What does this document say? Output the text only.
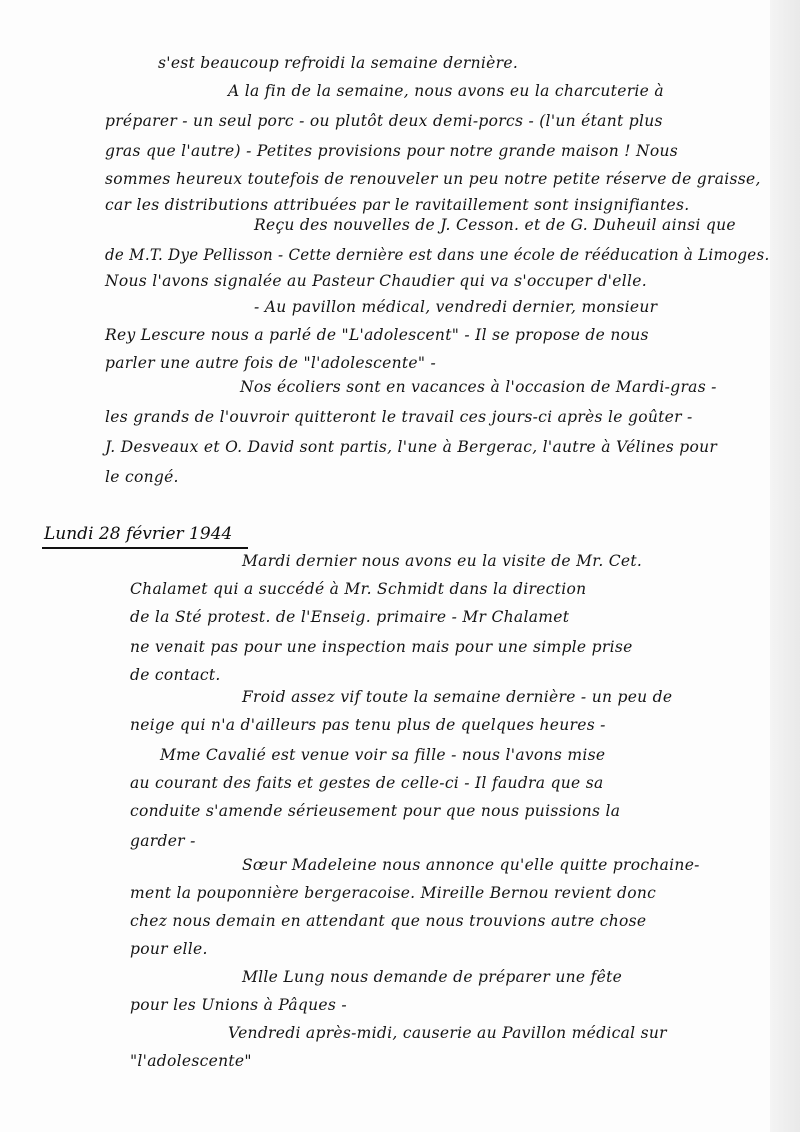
s'est beaucoup refroidi la semaine dernière.
A la fin de la semaine, nous avons eu la charcuterie à
préparer - un seul porc - ou plutôt deux demi-porcs - (l'un étant plus
gras que l'autre) - Petites provisions pour notre grande maison ! Nous
sommes heureux toutefois de renouveler un peu notre petite réserve de graisse,
car les distributions attribuées par le ravitaillement sont insignifiantes.
Reçu des nouvelles de J. Cesson. et de G. Duheuil ainsi que
de M.T. Dye Pellisson - Cette dernière est dans une école de rééducation à Limoges.
Nous l'avons signalée au Pasteur Chaudier qui va s'occuper d'elle.
- Au pavillon médical, vendredi dernier, monsieur
Rey Lescure nous a parlé de "L'adolescent" - Il se propose de nous
parler une autre fois de "l'adolescente" -
Nos écoliers sont en vacances à l'occasion de Mardi-gras -
les grands de l'ouvroir quitteront le travail ces jours-ci après le goûter -
J. Desveaux et O. David sont partis, l'une à Bergerac, l'autre à Vélines pour
le congé.
Lundi 28 février 1944
Mardi dernier nous avons eu la visite de Mr. Cet.
Chalamet qui a succédé à Mr. Schmidt dans la direction
de la Sté protest. de l'Enseig. primaire - Mr Chalamet
ne venait pas pour une inspection mais pour une simple prise
de contact.
Froid assez vif toute la semaine dernière - un peu de
neige qui n'a d'ailleurs pas tenu plus de quelques heures -
Mme Cavalié est venue voir sa fille - nous l'avons mise
au courant des faits et gestes de celle-ci - Il faudra que sa
conduite s'amende sérieusement pour que nous puissions la
garder -
Sœur Madeleine nous annonce qu'elle quitte prochaine-
ment la pouponnière bergeracoise. Mireille Bernou revient donc
chez nous demain en attendant que nous trouvions autre chose
pour elle.
Mlle Lung nous demande de préparer une fête
pour les Unions à Pâques -
Vendredi après-midi, causerie au Pavillon médical sur
"l'adolescente"
